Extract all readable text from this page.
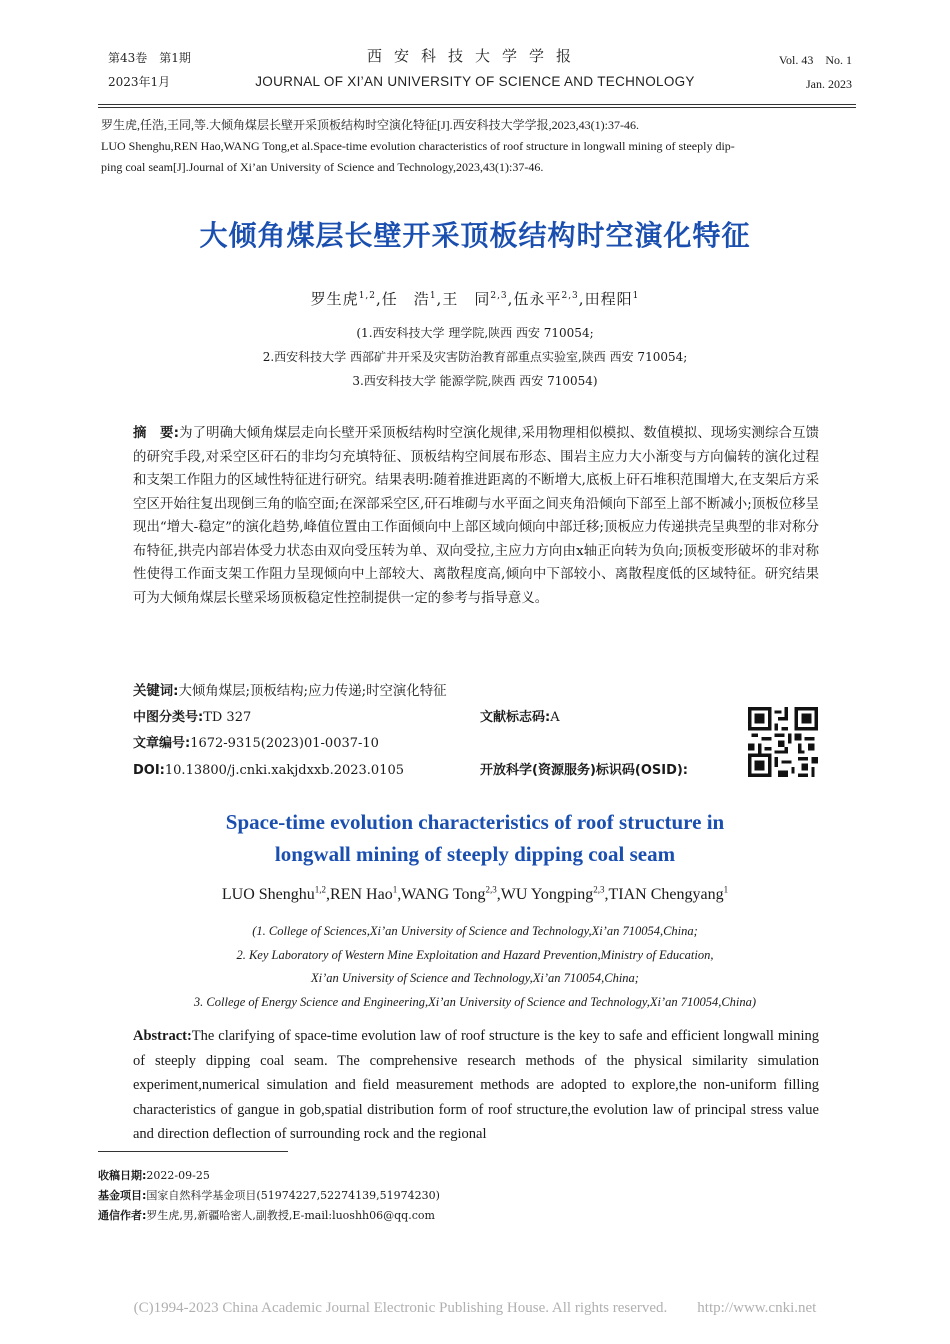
第43卷　第1期
2023年1月
西安科技大学学报
JOURNAL OF XI’AN UNIVERSITY OF SCIENCE AND TECHNOLOGY
Vol. 43　No. 1
Jan. 2023
罗生虎,任浩,王同,等.大倾角煤层长壁开采顶板结构时空演化特征[J].西安科技大学学报,2023,43(1):37-46.
LUO Shenghu,REN Hao,WANG Tong,et al.Space-time evolution characteristics of roof structure in longwall mining of steeply dip-
ping coal seam[J].Journal of Xi’an University of Science and Technology,2023,43(1):37-46.
大倾角煤层长壁开采顶板结构时空演化特征
罗生虎$^{1,2}$,任　浩$^1$,王　同$^{2,3}$,伍永平$^{2,3}$,田程阳$^1$
(1.西安科技大学 理学院,陕西 西安 710054;
2.西安科技大学 西部矿井开采及灾害防治教育部重点实验室,陕西 西安 710054;
3.西安科技大学 能源学院,陕西 西安 710054)
摘　要:为了明确大倾角煤层走向长壁开采顶板结构时空演化规律,采用物理相似模拟、数值模拟、现场实测综合互馈的研究手段,对采空区矸石的非均匀充填特征、顶板结构空间展布形态、围岩主应力大小渐变与方向偏转的演化过程和支架工作阻力的区域性特征进行研究。结果表明:随着推进距离的不断增大,底板上矸石堆积范围增大,在支架后方采空区开始往复出现倒三角的临空面;在深部采空区,矸石堆砌与水平面之间夹角沿倾向下部至上部不断减小;顶板位移呈现出“增大-稳定”的演化趋势,峰值位置由工作面倾向中上部区域向倾向中部迁移;顶板应力传递拱壳呈典型的非对称分布特征,拱壳内部岩体受力状态由双向受压转为单、双向受拉,主应力方向由x轴正向转为负向;顶板变形破坏的非对称性使得工作面支架工作阻力呈现倾向中上部较大、离散程度高,倾向中下部较小、离散程度低的区域特征。研究结果可为大倾角煤层长壁采场顶板稳定性控制提供一定的参考与指导意义。
关键词:大倾角煤层;顶板结构;应力传递;时空演化特征
中图分类号:TD 327	文献标志码:A
文章编号:1672-9315(2023)01-0037-10
DOI:10.13800/j.cnki.xakjdxxb.2023.0105	开放科学(资源服务)标识码(OSID):
Space-time evolution characteristics of roof structure in
longwall mining of steeply dipping coal seam
LUO Shenghu$^{1,2}$,REN Hao$^1$,WANG Tong$^{2,3}$,WU Yongping$^{2,3}$,TIAN Chengyang$^1$
(1. College of Sciences,Xi’an University of Science and Technology,Xi’an 710054,China;
2. Key Laboratory of Western Mine Exploitation and Hazard Prevention,Ministry of Education,
Xi’an University of Science and Technology,Xi’an 710054,China;
3. College of Energy Science and Engineering,Xi’an University of Science and Technology,Xi’an 710054,China)
Abstract:The clarifying of space-time evolution law of roof structure is the key to safe and efficient longwall mining of steeply dipping coal seam. The comprehensive research methods of the physical similarity simulation experiment,numerical simulation and field measurement methods are adopted to explore,the non-uniform filling characteristics of gangue in gob,spatial distribution form of roof structure,the evolution law of principal stress value and direction deflection of surrounding rock and the regional
收稿日期:2022-09-25
基金项目:国家自然科学基金项目(51974227,52274139,51974230)
通信作者:罗生虎,男,新疆哈密人,副教授,E-mail:luoshh06@qq.com
(C)1994-2023 China Academic Journal Electronic Publishing House. All rights reserved.　　http://www.cnki.net
